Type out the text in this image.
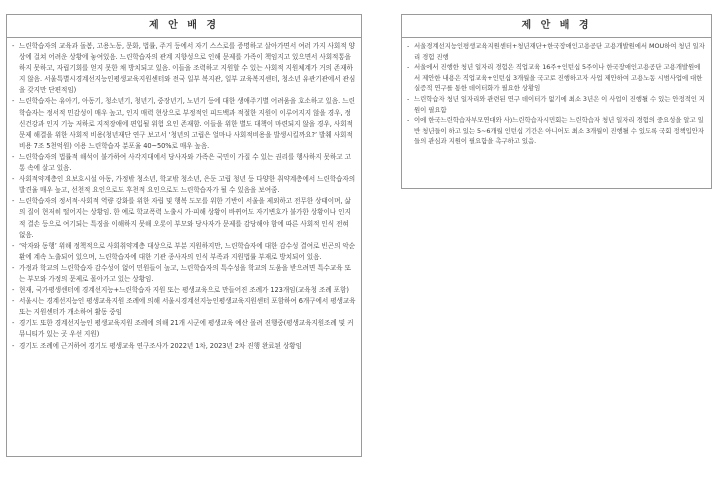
제 안 배 경
- 느린학습자의 교육과 돌봄, 고용노동, 문화, 법률, 주거 등에서 자기 스스로를 증명하고 살아가면서 여러 가지 사회적 양상에 걸쳐 어려운 상황에 놓여있음. 느린학습자의 관계 지향성으로 인해 문제를 가족이 책임지고 있으면서 사회적통을 하지 못하고, 자립기회를 얻지 못한 채 방치되고 있음. 이들을 조력하고 지원할 수 있는 사회적 지원체계가 거의 존재하지 않음. 서울특별시경계선지능인평생교육지원센터와 전국 일부 복지관, 일부 교육복지센터, 청소년 유관기관에서 관심을 갖지만 단편적임)
- 느린학습자는 유아기, 아동기, 청소년기, 청년기, 중장년기, 노년기 등에 대한 생애주기별 어려움을 호소하고 있음. 느린학습자는 정서적 민감성이 매우 높고, 인지 매력 현상으로 부정적인 피드백과 적절한 지원이 이루어지지 않을 경우, 정신건강과 인지 기능 저하로 지적장애에 편입될 위험 요인 존재함. 이들을 위한 별도 대책이 마련되지 않을 경우, 사회적 문제 해결을 위한 사회적 비용(청년재단 연구 보고서 ‘청년의 고립은 얼마나 사회적비용을 발생시킬까요?’ 발췌 사회적비용 7조 5천억원) 이용 느린학습자 분포율 40~50%로 매우 높음.
- 느린학습자의 법률적 해석이 불가하여 사각지대에서 당사자와 가족은 국민이 가질 수 있는 권리를 행사하지 못하고 고통 속에 살고 있음.
- 사회적약계층인 요보호시설 아동, 가정밖 청소년, 학교밖 청소년, 은둔 고립 청년 등 다양한 취약계층에서 느린학습자의 발견율 매우 높고, 선천적 요인으로도 후천적 요인으로도 느린학습자가 될 수 있음을 보여줌.
- 느린학습자의 정서적·사회적 역량 강화를 위한 자립 및 행복 도모를 위한 기반이 서울을 제외하고 전무한 상태이며, 삶의 질이 현저히 떨어지는 상황임. 한 예로 학교폭력 노출시 가·피해 상황이 바뀌어도 자기변호가 불가한 상황이나 인지적 결손 등으로 여기되는 특징을 이해하지 못해 오롯이 부모와 당사자가 문제를 감당해야 함에 따른 사회적 인식 전혀 없음.
- ‘악자와 동행’ 위해 정책적으로 사회취약계층 대상으로 부분 지원하지만, 느린학습자에 대한 감수성 결여로 빈곤의 악순환에 계속 노출되어 있으며, 느린학습자에 대한 기관 종사자의 인식 부족과 지원법률 부재로 방치되어 있음.
- 가정과 학교의 느린학습자 감수성이 없어 민원들이 높고, 느린학습자의 특수성을 학교의 도움을 받으려면 특수교육 또는 부모와 가정의 문제로 몰아가고 있는 상황임.
- 현재, 국가평생센터에 경계선지능+느린학습자 지원 또는 평생교육으로 만들어진 조례가 123개임(교육청 조례 포함)
- 서울시는 경계선지능인 평생교육지원 조례에 의해 서울시경계선지능인평생교육지원센터 포함하여 6개구에서 평생교육 또는 지원센터가 개소하여 활동 중임
- 경기도 또한 경계선지능인 평생교육지원 조례에 의해 21개 시군에 평생교육 예산 몰려 진행중(평생교육지원조례 및 커뮤니티가 있는 곳 우선 지원)
- 경기도 조례에 근거하여 경기도 평생교육 연구조사가 2022년 1차, 2023년 2차 진행 완료된 상황임
제 안 배 경
- 서울경계선지능인평생교육지원센터+청년재단+한국장애인고용공단 고용개발원에서 MOU하여 청년 일자리 경험 진행
- 서울에서 진행한 청년 일자리 경험은 직업교육 16주+인턴십 5주이나 한국장애인고용공단 고용개발원에서 제안한 내용은 직업교육+인턴십 3개월을 국고로 진행하고자 사업 제안하여 고용노동 시범사업에 대한 실증적 연구를 통한 데이터화가 필요한 상황임
- 느린학습자 청년 일자리와 관련된 연구 데이터가 없기에 최소 3년은 이 사업이 진행될 수 있는 안정적인 지원이 필요함
- 이에 한국느린학습자부모연대와 사)느린학습자시민회는 느린학습자 청년 일자리 경험의 중요성을 알고 일반 청년들이 하고 있는 5~6개월 인턴십 기간은 아니어도 최소 3개월이 진행될 수 있도록 국회 정책입안자들의 관심과 지원이 필요함을 촉구하고 있음.
